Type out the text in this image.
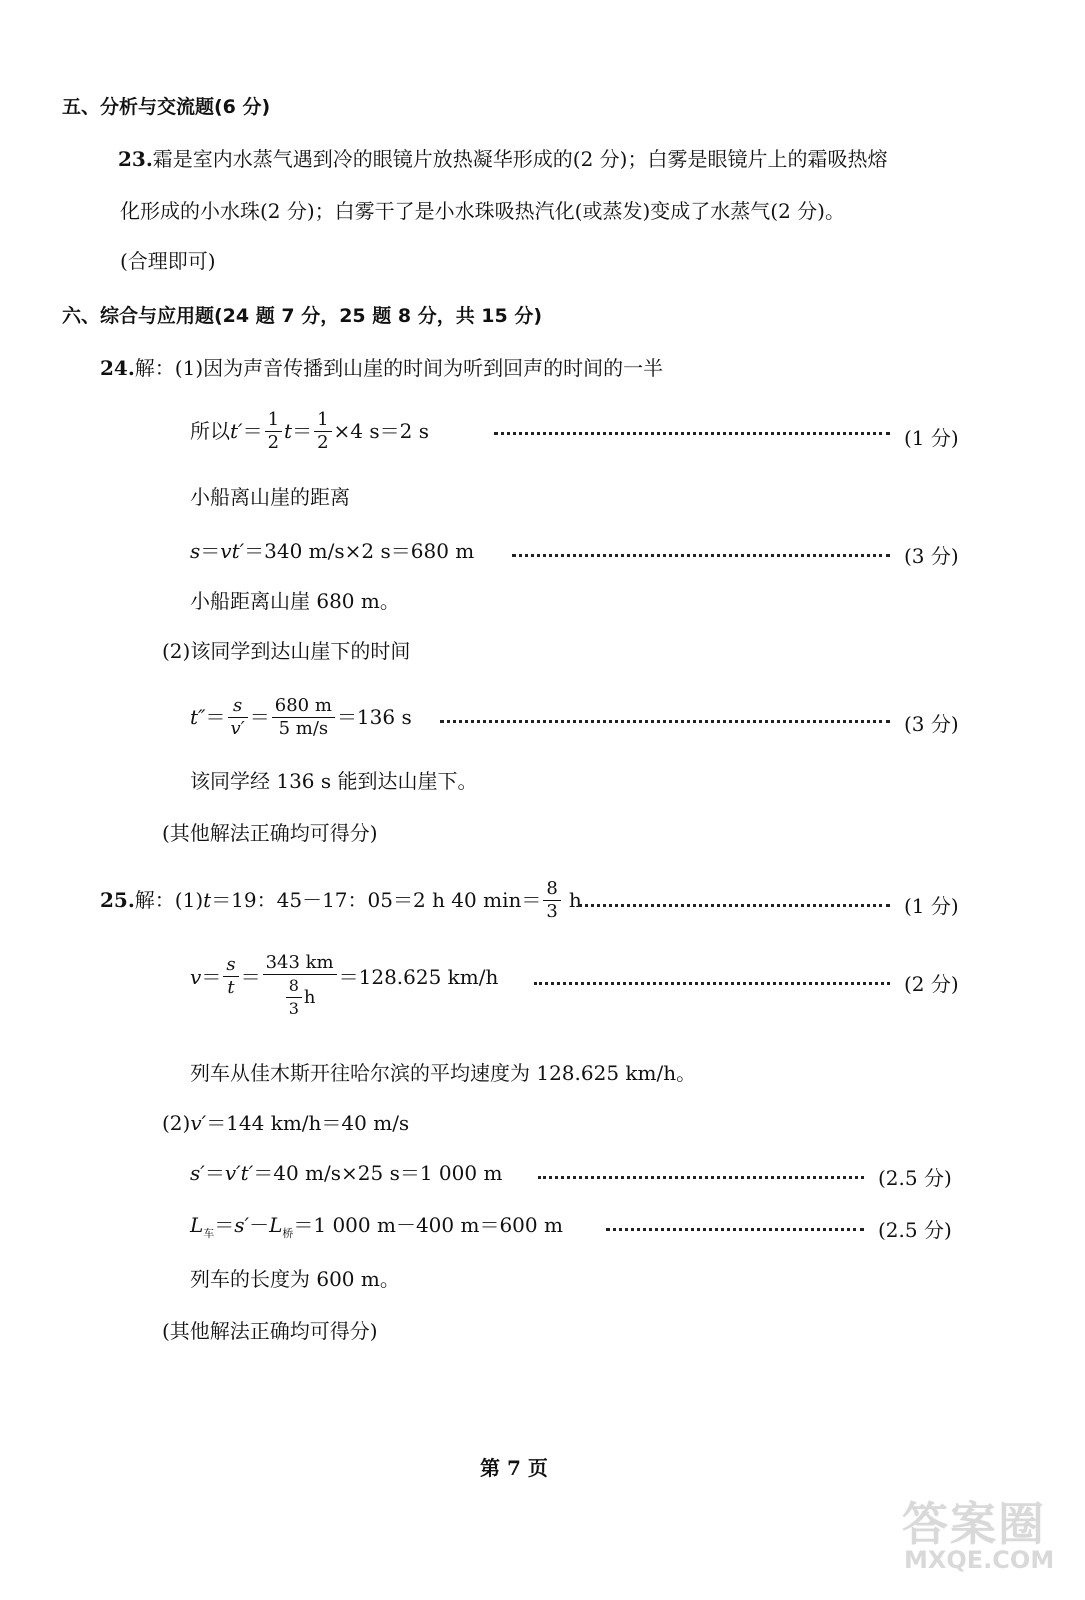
五、分析与交流题(6 分)
23.霜是室内水蒸气遇到冷的眼镜片放热凝华形成的(2 分)；白雾是眼镜片上的霜吸热熔
化形成的小水珠(2 分)；白雾干了是小水珠吸热汽化(或蒸发)变成了水蒸气(2 分)。
(合理即可)
六、综合与应用题(24 题 7 分，25 题 8 分，共 15 分)
24.解：(1)因为声音传播到山崖的时间为听到回声的时间的一半
所以 $t' = \frac{1}{2}$ $t = \frac{1}{2} \times 4$ s＝2 s	(1 分)
小船离山崖的距离
s＝vt′＝340 m/s×2 s＝680 m	(3 分)
小船距离山崖 680 m。
(2)该同学到达山崖下的时间
$t'' = \frac{s}{v'} = \frac{680 m}{5 m/s} =136$ s	(3 分)
该同学经 136 s 能到达山崖下。
(其他解法正确均可得分)
25. 解：(1) t ＝19：45－17：05＝2 h 40 $\min= \frac{8}{3}$ h	(1 分)
$v = \frac{s}{t} = \frac{343 km}{\frac{8}{3} h} =128.625$ km/h	(2 分)
列车从佳木斯开往哈尔滨的平均速度为 128.625 km/h。
(2)v′＝144 km/h＝40 m/s
s′＝v′t′＝40 m/s×25 s＝1 000 m	(2.5 分)
$L_车=s'-L_桥=1$ 000 m－400 m＝600 m	(2.5 分)
列车的长度为 600 m。
(其他解法正确均可得分)
第 7 页
答案圈
MXQE.COM
